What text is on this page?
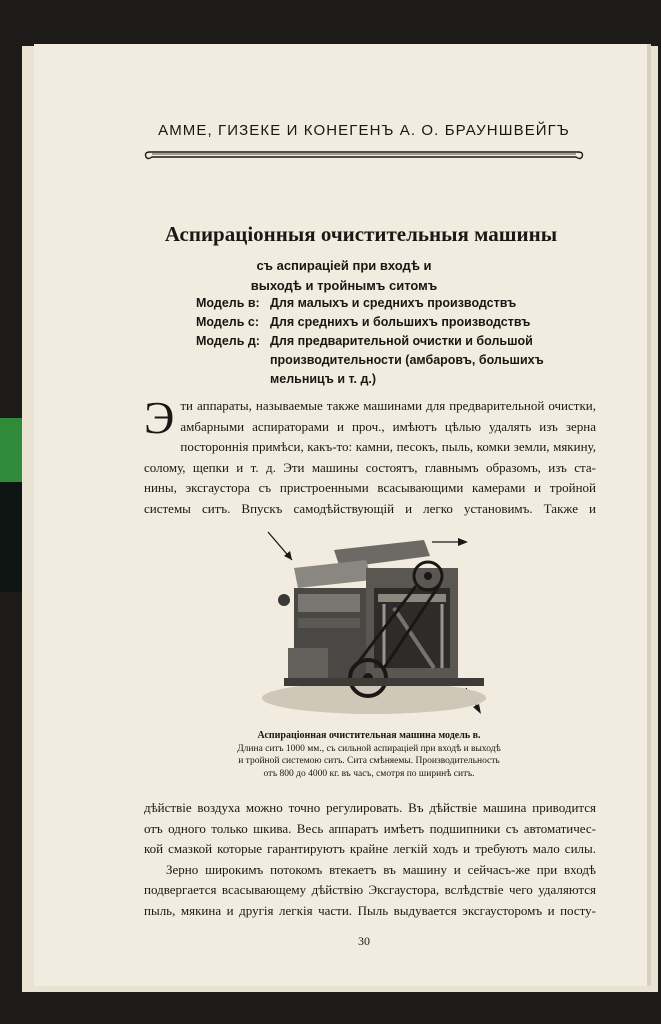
АММЕ, ГИЗЕКЕ И КОНЕГЕНЪ А. О. БРАУНШВЕЙГЪ
Аспирацiонныя очистительныя машины
съ аспирацiей при входѣ и
выходѣ и тройнымъ ситомъ
Модель в: Для малыхъ и среднихъ производствъ
Модель с: Для среднихъ и большихъ производствъ
Модель д: Для предварительной очистки и большой
производительности (амбаровъ, большихъ
мельницъ и т. д.)
Э ти аппараты, называемые также машинами для предварительной очистки,
амбарными аспираторами и проч., имѣютъ цѣлью удалять изъ зерна
постороннiя примѣси, какъ-то: камни, песокъ, пыль, комки земли, мякину,
солому, щепки и т. д. Эти машины состоятъ, главнымъ образомъ, изъ ста-
нины, эксгаустора съ пристроенными всасывающими камерами и тройной
системы ситъ. Впускъ самодѣйствующiй и легко установимъ. Также и
Аспирацiонная очистительная машина модель в.
Длина ситъ 1000 мм., съ сильной аспирацiей при входѣ и выходѣ
и тройной системою ситъ. Сита смѣняемы. Производительность
отъ 800 до 4000 кг. въ часъ, смотря по ширинѣ ситъ.
дѣйствiе воздуха можно точно регулировать. Въ дѣйствiе машина приводится
отъ одного только шкива. Весь аппаратъ имѣетъ подшипники съ автоматичес-
кой смазкой которые гарантируютъ крайне легкiй ходъ и требуютъ мало силы.
Зерно широкимъ потокомъ втекаетъ въ машину и сейчасъ-же при входѣ
подвергается всасывающему дѣйствiю Эксгаустора, вслѣдствiе чего удаляются
пыль, мякина и другiя легкiя части. Пыль выдувается эксгаусторомъ и посту-
30
